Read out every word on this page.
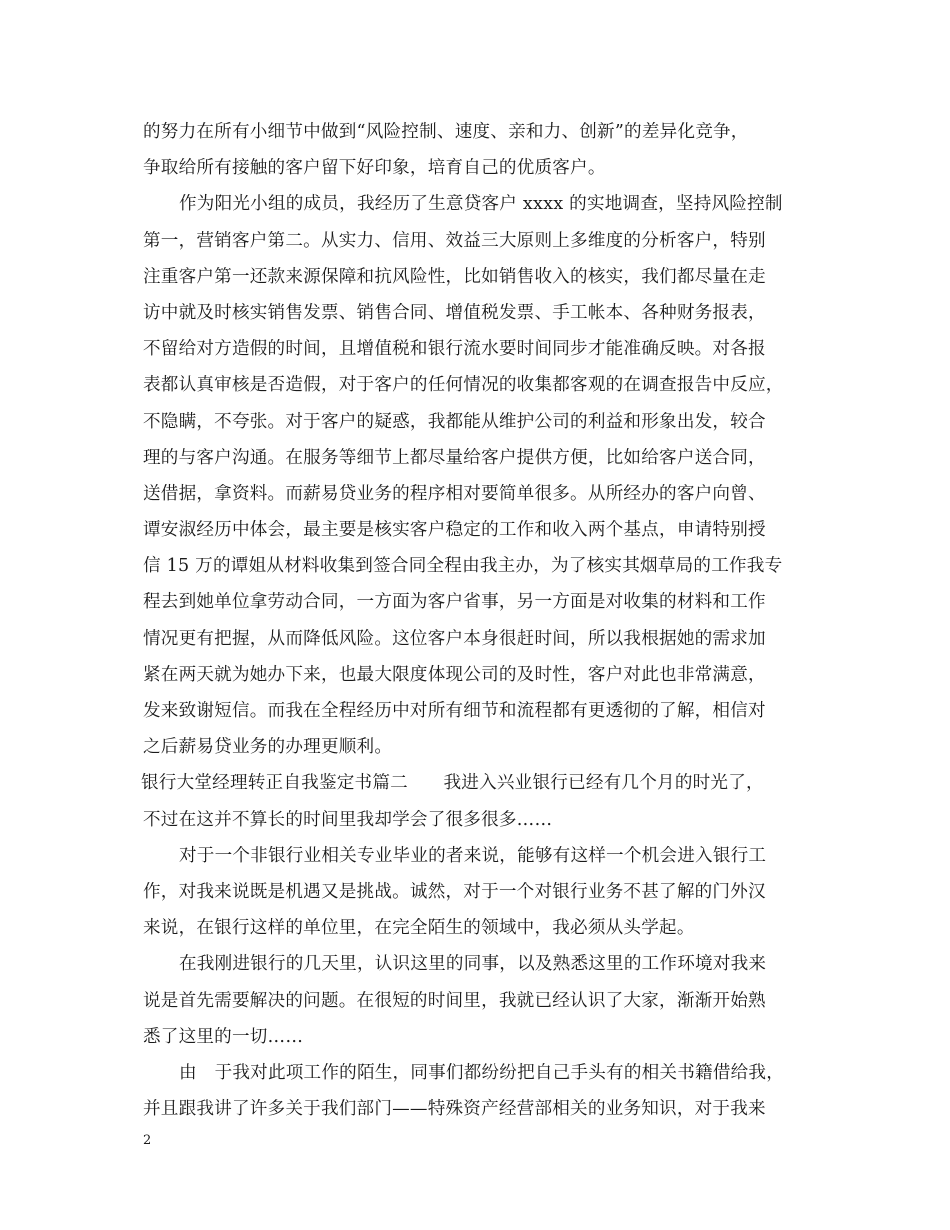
的努力在所有小细节中做到“风险控制、速度、亲和力、创新”的差异化竞争，
争取给所有接触的客户留下好印象，培育自己的优质客户。
作为阳光小组的成员，我经历了生意贷客户 xxxx 的实地调查，坚持风险控制
第一，营销客户第二。从实力、信用、效益三大原则上多维度的分析客户，特别
注重客户第一还款来源保障和抗风险性，比如销售收入的核实，我们都尽量在走
访中就及时核实销售发票、销售合同、增值税发票、手工帐本、各种财务报表，
不留给对方造假的时间，且增值税和银行流水要时间同步才能准确反映。对各报
表都认真审核是否造假，对于客户的任何情况的收集都客观的在调查报告中反应，
不隐瞒，不夸张。对于客户的疑惑，我都能从维护公司的利益和形象出发，较合
理的与客户沟通。在服务等细节上都尽量给客户提供方便，比如给客户送合同，
送借据，拿资料。而薪易贷业务的程序相对要简单很多。从所经办的客户向曾、
谭安淑经历中体会，最主要是核实客户稳定的工作和收入两个基点，申请特别授
信 15 万的谭姐从材料收集到签合同全程由我主办，为了核实其烟草局的工作我专
程去到她单位拿劳动合同，一方面为客户省事，另一方面是对收集的材料和工作
情况更有把握，从而降低风险。这位客户本身很赶时间，所以我根据她的需求加
紧在两天就为她办下来，也最大限度体现公司的及时性，客户对此也非常满意，
发来致谢短信。而我在全程经历中对所有细节和流程都有更透彻的了解，相信对
之后薪易贷业务的办理更顺利。
银行大堂经理转正自我鉴定书篇二　　我进入兴业银行已经有几个月的时光了，
不过在这并不算长的时间里我却学会了很多很多……
对于一个非银行业相关专业毕业的者来说，能够有这样一个机会进入银行工
作，对我来说既是机遇又是挑战。诚然，对于一个对银行业务不甚了解的门外汉
来说，在银行这样的单位里，在完全陌生的领域中，我必须从头学起。
在我刚进银行的几天里，认识这里的同事，以及熟悉这里的工作环境对我来
说是首先需要解决的问题。在很短的时间里，我就已经认识了大家，渐渐开始熟
悉了这里的一切……
由　于我对此项工作的陌生，同事们都纷纷把自己手头有的相关书籍借给我，
并且跟我讲了许多关于我们部门——特殊资产经营部相关的业务知识，对于我来
2
